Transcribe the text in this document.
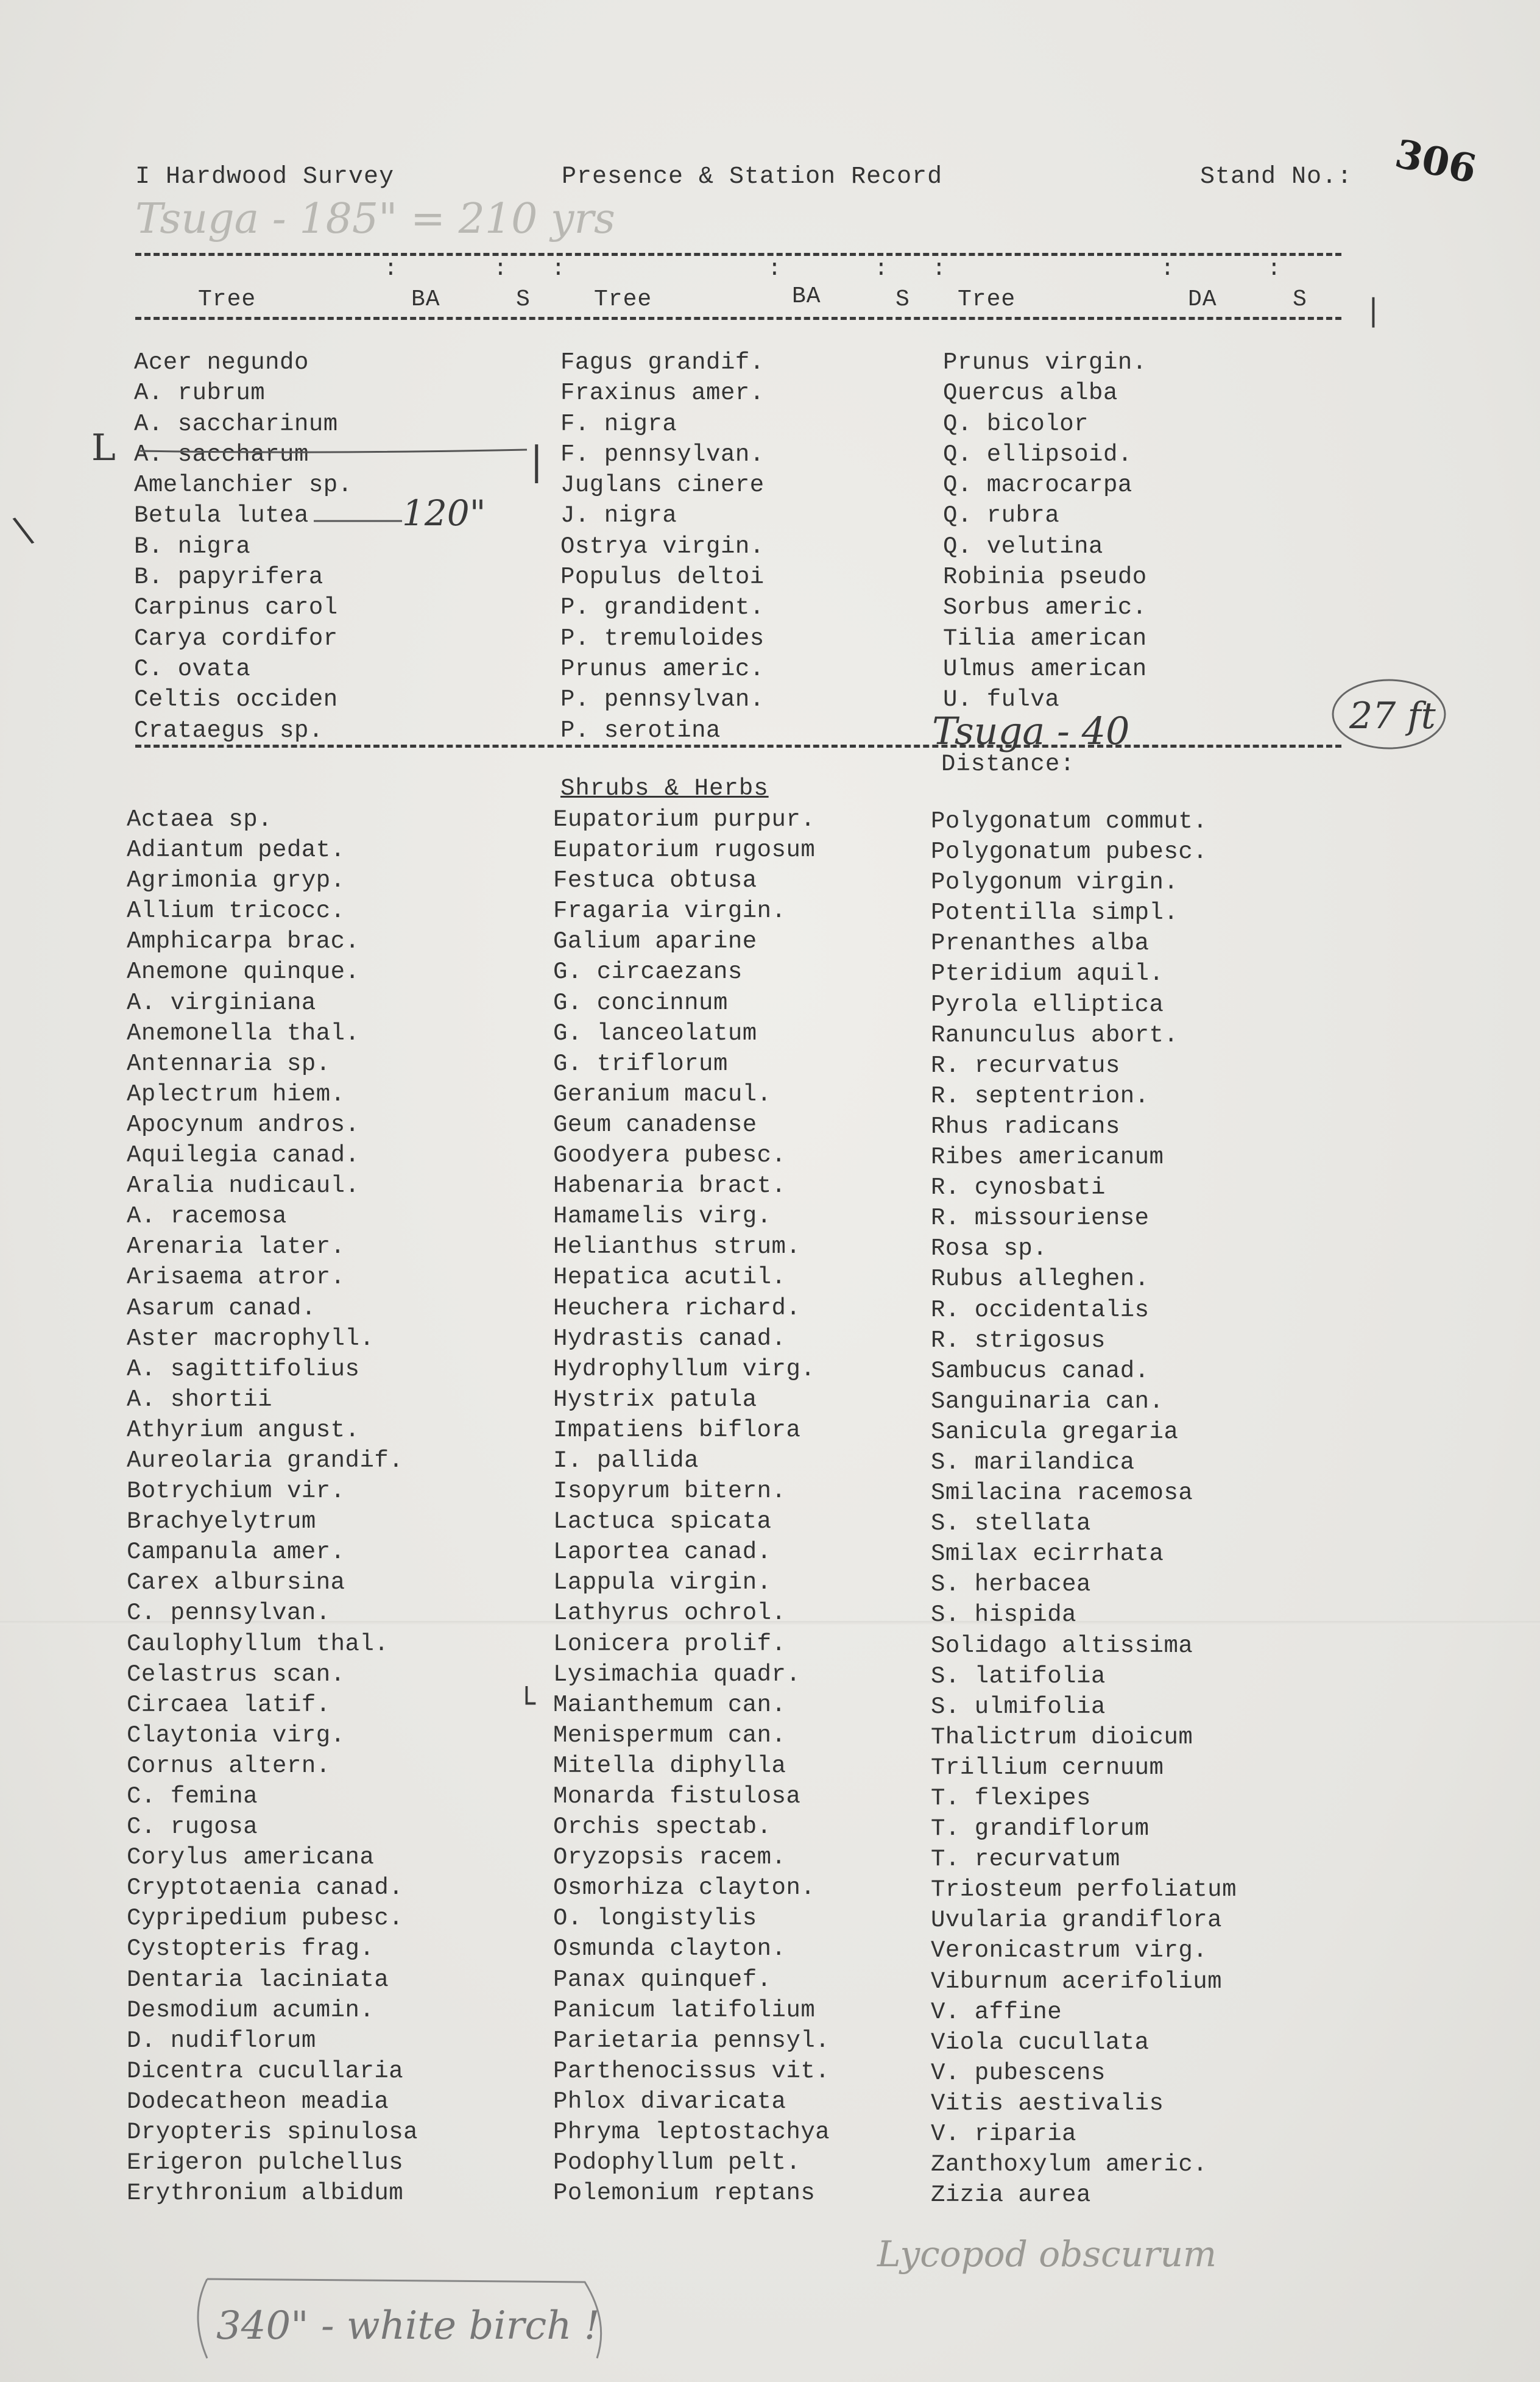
I Hardwood Survey	Presence & Station Record	Stand No.: 306
Tsuga - 185" = 210 yrs
:	: :	:	: :	:	:
Tree	BA	S	Tree	BA	S Tree	DA	S |
Acer negundo
A. rubrum
A. saccharinum
A. saccharum
Amelanchier sp.
Betula lutea
B. nigra
B. papyrifera
Carpinus carol
Carya cordifor
C. ovata
Celtis occiden
Crataegus sp.
Fagus grandif.
Fraxinus amer.
F. nigra
F. pennsylvan.
Juglans cinere
J. nigra
Ostrya virgin.
Populus deltoi
P. grandident.
P. tremuloides
Prunus americ.
P. pennsylvan.
P. serotina
Prunus virgin.
Quercus alba
Q. bicolor
Q. ellipsoid.
Q. macrocarpa
Q. rubra
Q. velutina
Robinia pseudo
Sorbus americ.
Tilia american
Ulmus american
U. fulva
L	|
120"
\
Tsuga - 40	27 ft
Distance:
Shrubs & Herbs
Actaea sp.
Adiantum pedat.
Agrimonia gryp.
Allium tricocc.
Amphicarpa brac.
Anemone quinque.
A. virginiana
Anemonella thal.
Antennaria sp.
Aplectrum hiem.
Apocynum andros.
Aquilegia canad.
Aralia nudicaul.
A. racemosa
Arenaria later.
Arisaema atror.
Asarum canad.
Aster macrophyll.
A. sagittifolius
A. shortii
Athyrium angust.
Aureolaria grandif.
Botrychium vir.
Brachyelytrum
Campanula amer.
Carex albursina
C. pennsylvan.
Caulophyllum thal.
Celastrus scan.
Circaea latif.
Claytonia virg.
Cornus altern.
C. femina
C. rugosa
Corylus americana
Cryptotaenia canad.
Cypripedium pubesc.
Cystopteris frag.
Dentaria laciniata
Desmodium acumin.
D. nudiflorum
Dicentra cucullaria
Dodecatheon meadia
Dryopteris spinulosa
Erigeron pulchellus
Erythronium albidum
Eupatorium purpur.
Eupatorium rugosum
Festuca obtusa
Fragaria virgin.
Galium aparine
G. circaezans
G. concinnum
G. lanceolatum
G. triflorum
Geranium macul.
Geum canadense
Goodyera pubesc.
Habenaria bract.
Hamamelis virg.
Helianthus strum.
Hepatica acutil.
Heuchera richard.
Hydrastis canad.
Hydrophyllum virg.
Hystrix patula
Impatiens biflora
I. pallida
Isopyrum bitern.
Lactuca spicata
Laportea canad.
Lappula virgin.
Lathyrus ochrol.
Lonicera prolif.
Lysimachia quadr.
Maianthemum can.
Menispermum can.
Mitella diphylla
Monarda fistulosa
Orchis spectab.
Oryzopsis racem.
Osmorhiza clayton.
O. longistylis
Osmunda clayton.
Panax quinquef.
Panicum latifolium
Parietaria pennsyl.
Parthenocissus vit.
Phlox divaricata
Phryma leptostachya
Podophyllum pelt.
Polemonium reptans
Polygonatum commut.
Polygonatum pubesc.
Polygonum virgin.
Potentilla simpl.
Prenanthes alba
Pteridium aquil.
Pyrola elliptica
Ranunculus abort.
R. recurvatus
R. septentrion.
Rhus radicans
Ribes americanum
R. cynosbati
R. missouriense
Rosa sp.
Rubus alleghen.
R. occidentalis
R. strigosus
Sambucus canad.
Sanguinaria can.
Sanicula gregaria
S. marilandica
Smilacina racemosa
S. stellata
Smilax ecirrhata
S. herbacea
S. hispida
Solidago altissima
S. latifolia
S. ulmifolia
Thalictrum dioicum
Trillium cernuum
T. flexipes
T. grandiflorum
T. recurvatum
Triosteum perfoliatum
Uvularia grandiflora
Veronicastrum virg.
Viburnum acerifolium
V. affine
Viola cucullata
V. pubescens
Vitis aestivalis
V. riparia
Zanthoxylum americ.
Zizia aurea
└
Lycopod obscurum
340" - white birch !
